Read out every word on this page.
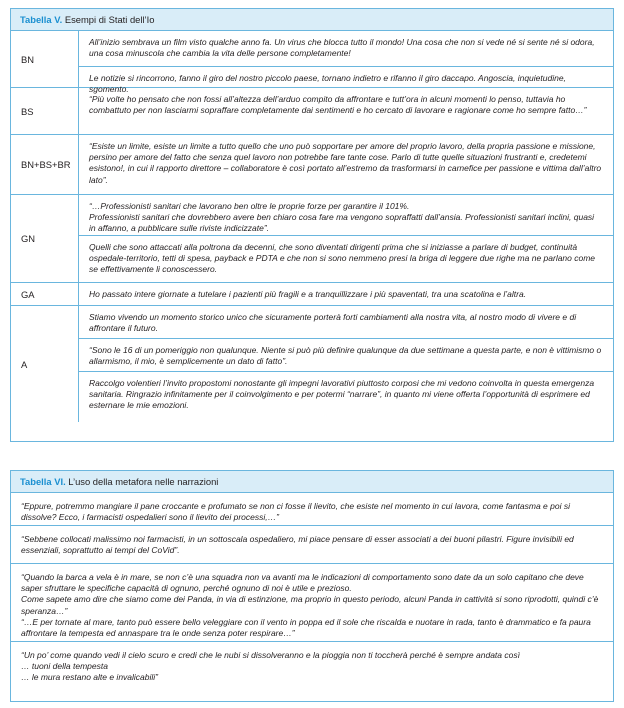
Tabella V. Esempi di Stati dell’Io
BN
All’inizio sembrava un film visto qualche anno fa. Un virus che blocca tutto il mondo! Una cosa che non si vede né si sente né si odora, una cosa minuscola che cambia la vita delle persone completamente!
Le notizie si rincorrono, fanno il giro del nostro piccolo paese, tornano indietro e rifanno il giro daccapo. Angoscia, inquietudine, sgomento.
BS
“Più volte ho pensato che non fossi all’altezza dell’arduo compito da affrontare e tutt’ora in alcuni momenti lo penso, tuttavia ho combattuto per non lasciarmi sopraffare completamente dai sentimenti e ho cercato di lavorare e ragionare come ho sempre fatto…”
BN+BS+BR
“Esiste un limite, esiste un limite a tutto quello che uno può sopportare per amore del proprio lavoro, della propria passione e missione, persino per amore del fatto che senza quel lavoro non potrebbe fare tante cose. Parlo di tutte quelle situazioni frustranti e, credetemi esistono!, in cui il rapporto direttore – collaboratore è così portato all’estremo da trasformarsi in carnefice per passione e vittima dall’altro lato”.
GN
“…Professionisti sanitari che lavorano ben oltre le proprie forze per garantire il 101%.
Professionisti sanitari che dovrebbero avere ben chiaro cosa fare ma vengono sopraffatti dall’ansia. Professionisti sanitari inclini, quasi in affanno, a pubblicare sulle riviste indicizzate”.
Quelli che sono attaccati alla poltrona da decenni, che sono diventati dirigenti prima che si iniziasse a parlare di budget, continuità ospedale-territorio, tetti di spesa, payback e PDTA e che non si sono nemmeno presi la briga di leggere due righe ma ne parlano come se effettivamente li conoscessero.
GA	Ho passato intere giornate a tutelare i pazienti più fragili e a tranquillizzare i più spaventati, tra una scatolina e l’altra.
A
Stiamo vivendo un momento storico unico che sicuramente porterà forti cambiamenti alla nostra vita, al nostro modo di vivere e di affrontare il futuro.
“Sono le 16 di un pomeriggio non qualunque. Niente si può più definire qualunque da due settimane a questa parte, e non è vittimismo o allarmismo, il mio, è semplicemente un dato di fatto”.
Raccolgo volentieri l’invito propostomi nonostante gli impegni lavorativi piuttosto corposi che mi vedono coinvolta in questa emergenza sanitaria. Ringrazio infinitamente per il coinvolgimento e per potermi “narrare”, in quanto mi viene offerta l’opportunità di esprimere ed esternare le mie emozioni.
Tabella VI. L’uso della metafora nelle narrazioni
“Eppure, potremmo mangiare il pane croccante e profumato se non ci fosse il lievito, che esiste nel momento in cui lavora, come fantasma e poi si dissolve? Ecco, i farmacisti ospedalieri sono il lievito dei processi,…”
“Sebbene collocati malissimo noi farmacisti, in un sottoscala ospedaliero, mi piace pensare di esser associati a dei buoni pilastri. Figure invisibili ed essenziali, soprattutto ai tempi del CoVid”.
“Quando la barca a vela è in mare, se non c’è una squadra non va avanti ma le indicazioni di comportamento sono date da un solo capitano che deve saper sfruttare le specifiche capacità di ognuno, perché ognuno di noi è utile e prezioso.
Come sapete amo dire che siamo come dei Panda, in via di estinzione, ma proprio in questo periodo, alcuni Panda in cattività si sono riprodotti, quindi c’è speranza…”
“…E per tornate al mare, tanto può essere bello veleggiare con il vento in poppa ed il sole che riscalda e nuotare in rada, tanto è drammatico e fa paura affrontare la tempesta ed annaspare tra le onde senza poter respirare…”
“Un po’ come quando vedi il cielo scuro e credi che le nubi si dissolveranno e la pioggia non ti toccherà perché è sempre andata così
… tuoni della tempesta
… le mura restano alte e invalicabili”
